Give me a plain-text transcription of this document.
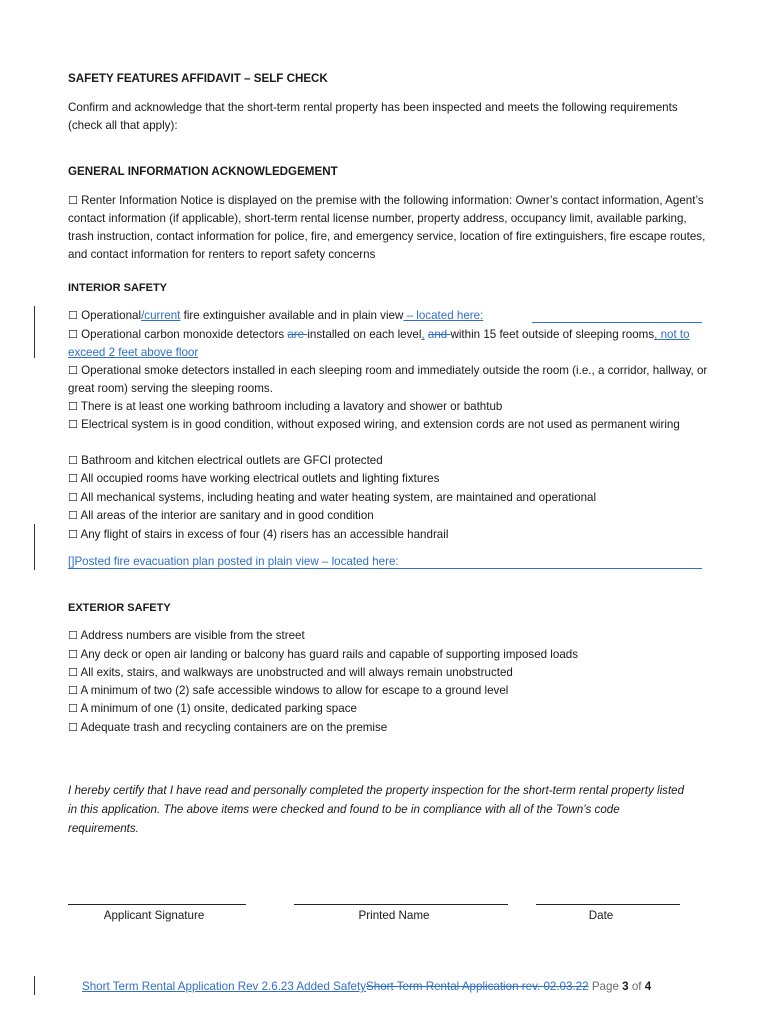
SAFETY FEATURES AFFIDAVIT – SELF CHECK
Confirm and acknowledge that the short-term rental property has been inspected and meets the following requirements (check all that apply):
GENERAL INFORMATION ACKNOWLEDGEMENT
☐ Renter Information Notice is displayed on the premise with the following information: Owner’s contact information, Agent’s contact information (if applicable), short-term rental license number, property address, occupancy limit, available parking, trash instruction, contact information for police, fire, and emergency service, location of fire extinguishers, fire escape routes, and contact information for renters to report safety concerns
INTERIOR SAFETY
☐ Operational/current fire extinguisher available and in plain view – located here:
☐ Operational carbon monoxide detectors are installed on each level, and within 15 feet outside of sleeping rooms, not to exceed 2 feet above floor
☐ Operational smoke detectors installed in each sleeping room and immediately outside the room (i.e., a corridor, hallway, or great room) serving the sleeping rooms.
☐ There is at least one working bathroom including a lavatory and shower or bathtub
☐ Electrical system is in good condition, without exposed wiring, and extension cords are not used as permanent wiring
☐ Bathroom and kitchen electrical outlets are GFCI protected
☐ All occupied rooms have working electrical outlets and lighting fixtures
☐ All mechanical systems, including heating and water heating system, are maintained and operational
☐ All areas of the interior are sanitary and in good condition
☐ Any flight of stairs in excess of four (4) risers has an accessible handrail
[]Posted fire evacuation plan posted in plain view – located here:
EXTERIOR SAFETY
☐ Address numbers are visible from the street
☐ Any deck or open air landing or balcony has guard rails and capable of supporting imposed loads
☐ All exits, stairs, and walkways are unobstructed and will always remain unobstructed
☐ A minimum of two (2) safe accessible windows to allow for escape to a ground level
☐ A minimum of one (1) onsite, dedicated parking space
☐ Adequate trash and recycling containers are on the premise
I hereby certify that I have read and personally completed the property inspection for the short-term rental property listed in this application. The above items were checked and found to be in compliance with all of the Town’s code requirements.
Applicant Signature	Printed Name	Date
Short Term Rental Application Rev 2.6.23 Added SafetyShort Term Rental Application rev. 02.03.22 Page 3 of 4
